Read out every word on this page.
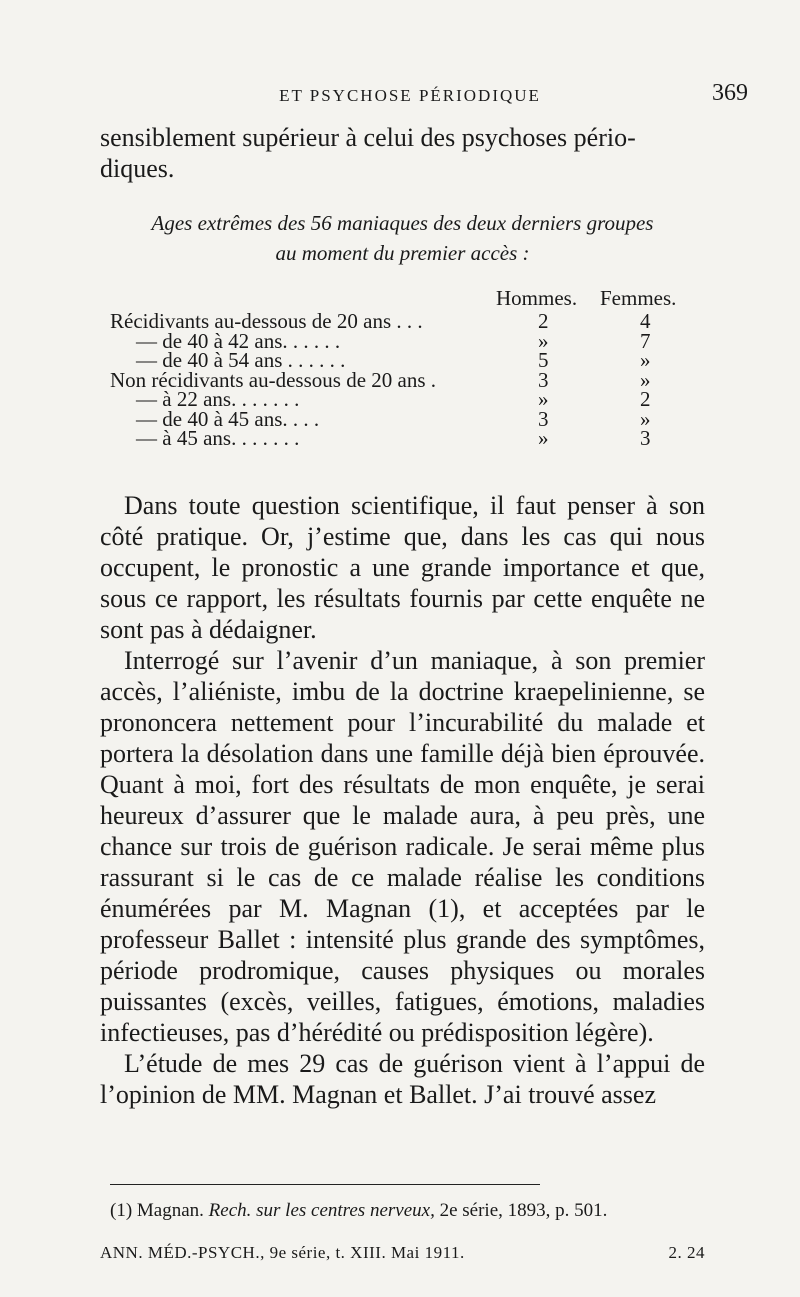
ET PSYCHOSE PÉRIODIQUE	369

sensiblement supérieur à celui des psychoses pério-

diques.

Ages extrêmes des 56 maniaques des deux derniers groupes
au moment du premier accès :
Hommes. Femmes.
Récidivants au-dessous de 20 ans . . .	2	4
— de 40 à 42 ans. . . . . .	»	7
— de 40 à 54 ans . . . . . .	5	»
Non récidivants au-dessous de 20 ans .	3	»
— à 22 ans. . . . . . .	»	2
— de 40 à 45 ans. . . .	3	»
— à 45 ans. . . . . . .	»	3

Dans toute question scientifique, il faut penser à son côté pratique. Or, j’estime que, dans les cas qui nous occupent, le pronostic a une grande importance et que, sous ce rapport, les résultats fournis par cette enquête ne sont pas à dédaigner.

Interrogé sur l’avenir d’un maniaque, à son premier accès, l’aliéniste, imbu de la doctrine kraepelinienne, se prononcera nettement pour l’incurabilité du malade et portera la désolation dans une famille déjà bien éprouvée. Quant à moi, fort des résultats de mon enquête, je serai heureux d’assurer que le malade aura, à peu près, une chance sur trois de guérison radicale. Je serai même plus rassurant si le cas de ce malade réalise les conditions énumérées par M. Magnan (1), et acceptées par le professeur Ballet : intensité plus grande des symptômes, période prodromique, causes physiques ou morales puissantes (excès, veilles, fatigues, émotions, maladies infectieuses, pas d’hérédité ou prédisposition légère).

L’étude de mes 29 cas de guérison vient à l’appui de l’opinion de MM. Magnan et Ballet. J’ai trouvé assez

(1) Magnan. Rech. sur les centres nerveux, 2e série, 1893, p. 501.
ANN. MÉD.-PSYCH., 9e série, t. XIII. Mai 1911.	2. 24
